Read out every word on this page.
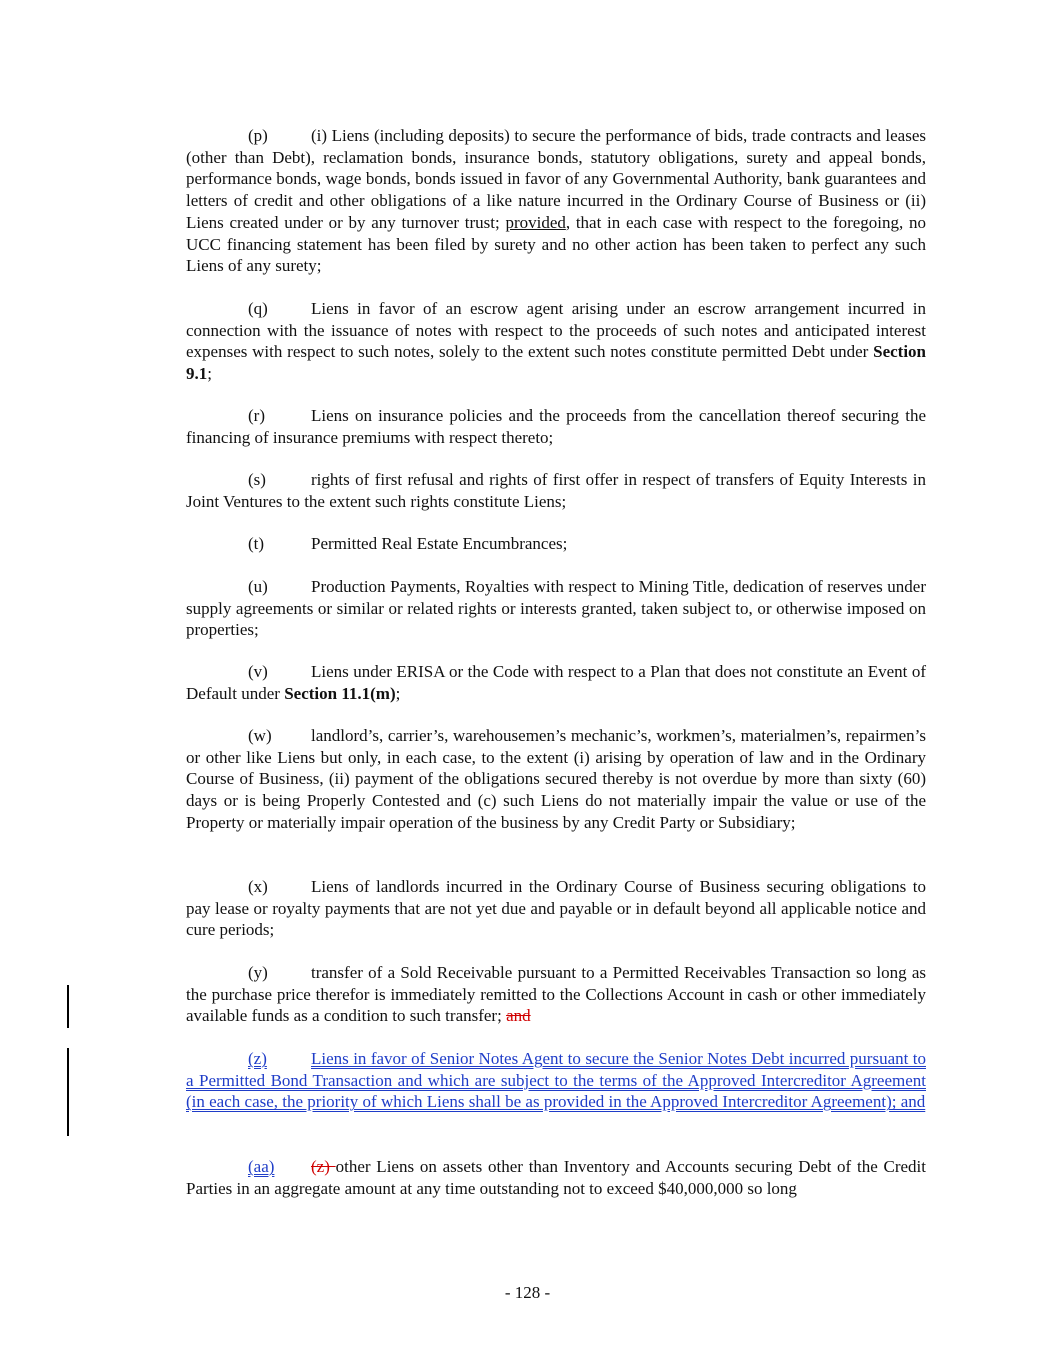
(p)	(i) Liens (including deposits) to secure the performance of bids, trade contracts and leases (other than Debt), reclamation bonds, insurance bonds, statutory obligations, surety and appeal bonds, performance bonds, wage bonds, bonds issued in favor of any Governmental Authority, bank guarantees and letters of credit and other obligations of a like nature incurred in the Ordinary Course of Business or (ii) Liens created under or by any turnover trust; provided, that in each case with respect to the foregoing, no UCC financing statement has been filed by surety and no other action has been taken to perfect any such Liens of any surety;

(q)	Liens in favor of an escrow agent arising under an escrow arrangement incurred in connection with the issuance of notes with respect to the proceeds of such notes and anticipated interest expenses with respect to such notes, solely to the extent such notes constitute permitted Debt under Section 9.1;

(r)	Liens on insurance policies and the proceeds from the cancellation thereof securing the financing of insurance premiums with respect thereto;

(s)	rights of first refusal and rights of first offer in respect of transfers of Equity Interests in Joint Ventures to the extent such rights constitute Liens;

(t)	Permitted Real Estate Encumbrances;

(u)	Production Payments, Royalties with respect to Mining Title, dedication of reserves under supply agreements or similar or related rights or interests granted, taken subject to, or otherwise imposed on properties;

(v)	Liens under ERISA or the Code with respect to a Plan that does not constitute an Event of Default under Section 11.1(m);

(w) landlord’s, carrier’s, warehousemen’s mechanic’s, workmen’s, materialmen’s, repairmen’s or other like Liens but only, in each case, to the extent (i) arising by operation of law and in the Ordinary Course of Business, (ii) payment of the obligations secured thereby is not overdue by more than sixty (60) days or is being Properly Contested and (c) such Liens do not materially impair the value or use of the Property or materially impair operation of the business by any Credit Party or Subsidiary;

(x)	Liens of landlords incurred in the Ordinary Course of Business securing obligations to pay lease or royalty payments that are not yet due and payable or in default beyond all applicable notice and cure periods;

(y)	transfer of a Sold Receivable pursuant to a Permitted Receivables Transaction so long as the purchase price therefor is immediately remitted to the Collections Account in cash or other immediately available funds as a condition to such transfer; and

(z)	Liens in favor of Senior Notes Agent to secure the Senior Notes Debt incurred pursuant to a Permitted Bond Transaction and which are subject to the terms of the Approved Intercreditor Agreement (in each case, the priority of which Liens shall be as provided in the Approved Intercreditor Agreement); and

(aa) (z) other Liens on assets other than Inventory and Accounts securing Debt of the Credit Parties in an aggregate amount at any time outstanding not to exceed $40,000,000 so long

- 128 -
